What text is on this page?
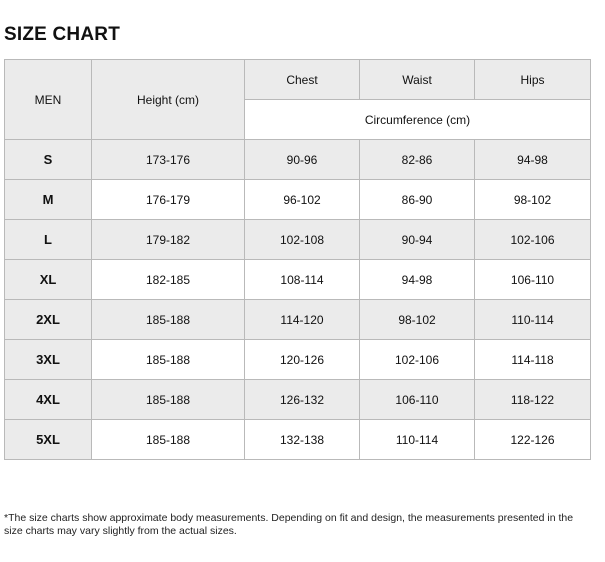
SIZE CHART
MEN	Height (cm)	Chest	Waist	Hips
		Circumference (cm)		
S	173-176	90-96	82-86	94-98
M	176-179	96-102	86-90	98-102
L	179-182	102-108	90-94	102-106
XL	182-185	108-114	94-98	106-110
2XL	185-188	114-120	98-102	110-114
3XL	185-188	120-126	102-106	114-118
4XL	185-188	126-132	106-110	118-122
5XL	185-188	132-138	110-114	122-126
*The size charts show approximate body measurements. Depending on fit and design, the measurements presented in the size charts may vary slightly from the actual sizes.
